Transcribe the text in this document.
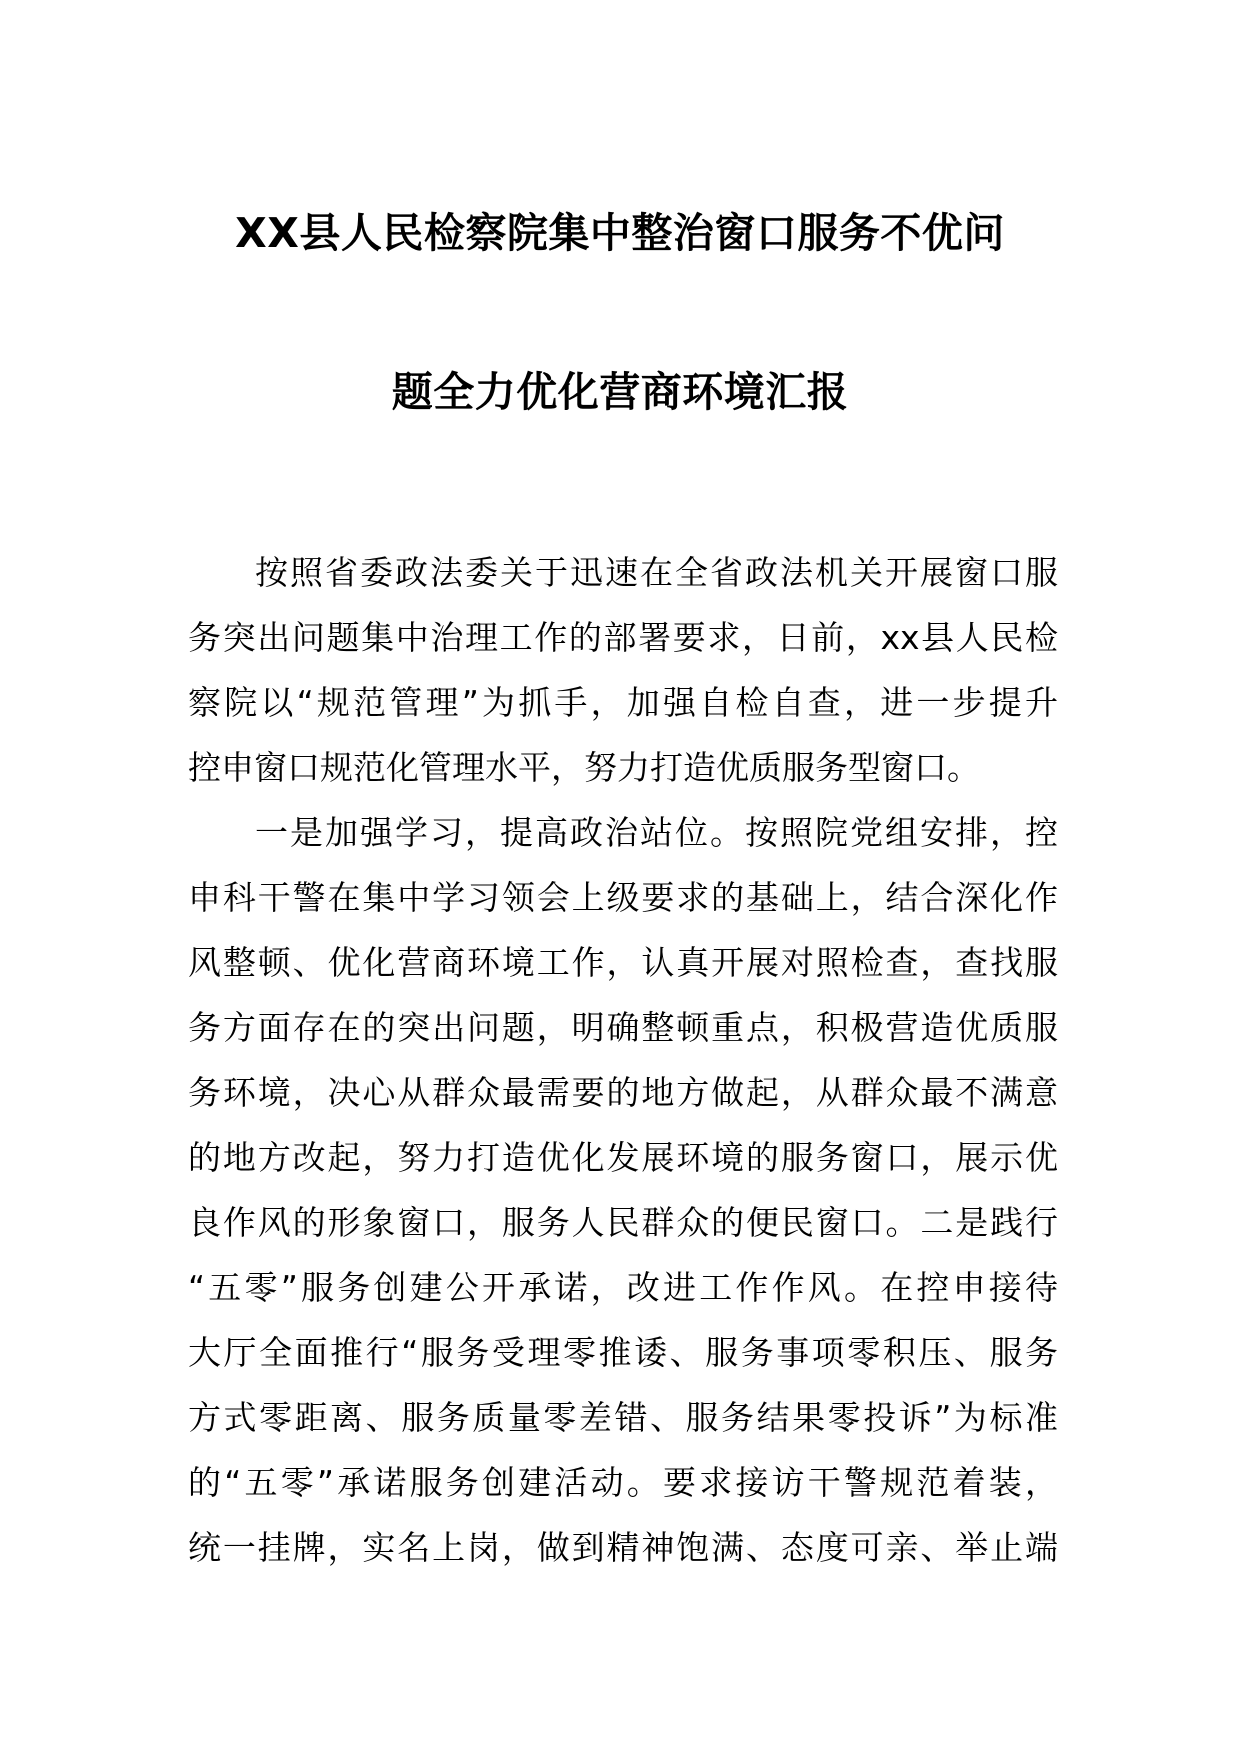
XX县人民检察院集中整治窗口服务不优问
题全力优化营商环境汇报
按照省委政法委关于迅速在全省政法机关开展窗口服
务突出问题集中治理工作的部署要求，日前，xx县人民检
察院以“规范管理”为抓手，加强自检自查，进一步提升
控申窗口规范化管理水平，努力打造优质服务型窗口。
一是加强学习，提高政治站位。按照院党组安排，控
申科干警在集中学习领会上级要求的基础上，结合深化作
风整顿、优化营商环境工作，认真开展对照检查，查找服
务方面存在的突出问题，明确整顿重点，积极营造优质服
务环境，决心从群众最需要的地方做起，从群众最不满意
的地方改起，努力打造优化发展环境的服务窗口，展示优
良作风的形象窗口，服务人民群众的便民窗口。二是践行
“五零”服务创建公开承诺，改进工作作风。在控申接待
大厅全面推行“服务受理零推诿、服务事项零积压、服务
方式零距离、服务质量零差错、服务结果零投诉”为标准
的“五零”承诺服务创建活动。要求接访干警规范着装，
统一挂牌，实名上岗，做到精神饱满、态度可亲、举止端
